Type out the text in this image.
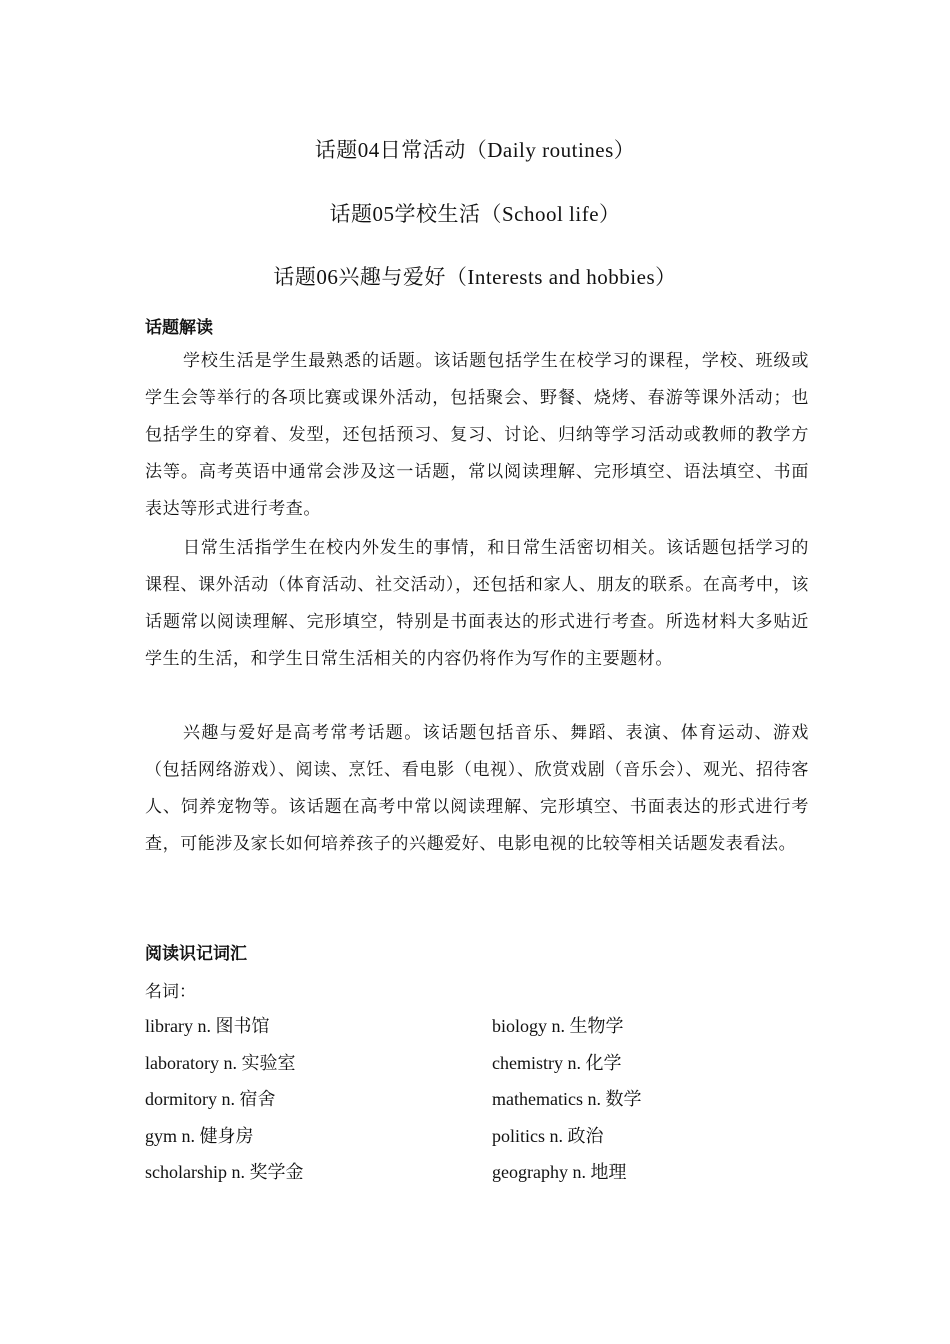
话题04日常活动（Daily routines）
话题05学校生活（School life）
话题06兴趣与爱好（Interests and hobbies）
话题解读

学校生活是学生最熟悉的话题。该话题包括学生在校学习的课程，学校、班级或学生会等举行的各项比赛或课外活动，包括聚会、野餐、烧烤、春游等课外活动；也包括学生的穿着、发型，还包括预习、复习、讨论、归纳等学习活动或教师的教学方法等。高考英语中通常会涉及这一话题，常以阅读理解、完形填空、语法填空、书面表达等形式进行考查。

日常生活指学生在校内外发生的事情，和日常生活密切相关。该话题包括学习的课程、课外活动（体育活动、社交活动），还包括和家人、朋友的联系。在高考中，该话题常以阅读理解、完形填空，特别是书面表达的形式进行考查。所选材料大多贴近学生的生活，和学生日常生活相关的内容仍将作为写作的主要题材。

兴趣与爱好是高考常考话题。该话题包括音乐、舞蹈、表演、体育运动、游戏（包括网络游戏）、阅读、烹饪、看电影（电视）、欣赏戏剧（音乐会）、观光、招待客人、饲养宠物等。该话题在高考中常以阅读理解、完形填空、书面表达的形式进行考查，可能涉及家长如何培养孩子的兴趣爱好、电影电视的比较等相关话题发表看法。

阅读识记词汇
名词：
library n. 图书馆	biology n. 生物学
laboratory n. 实验室	chemistry n. 化学
dormitory n. 宿舍	mathematics n. 数学
gym n. 健身房	politics n. 政治
scholarship n. 奖学金	geography n. 地理
